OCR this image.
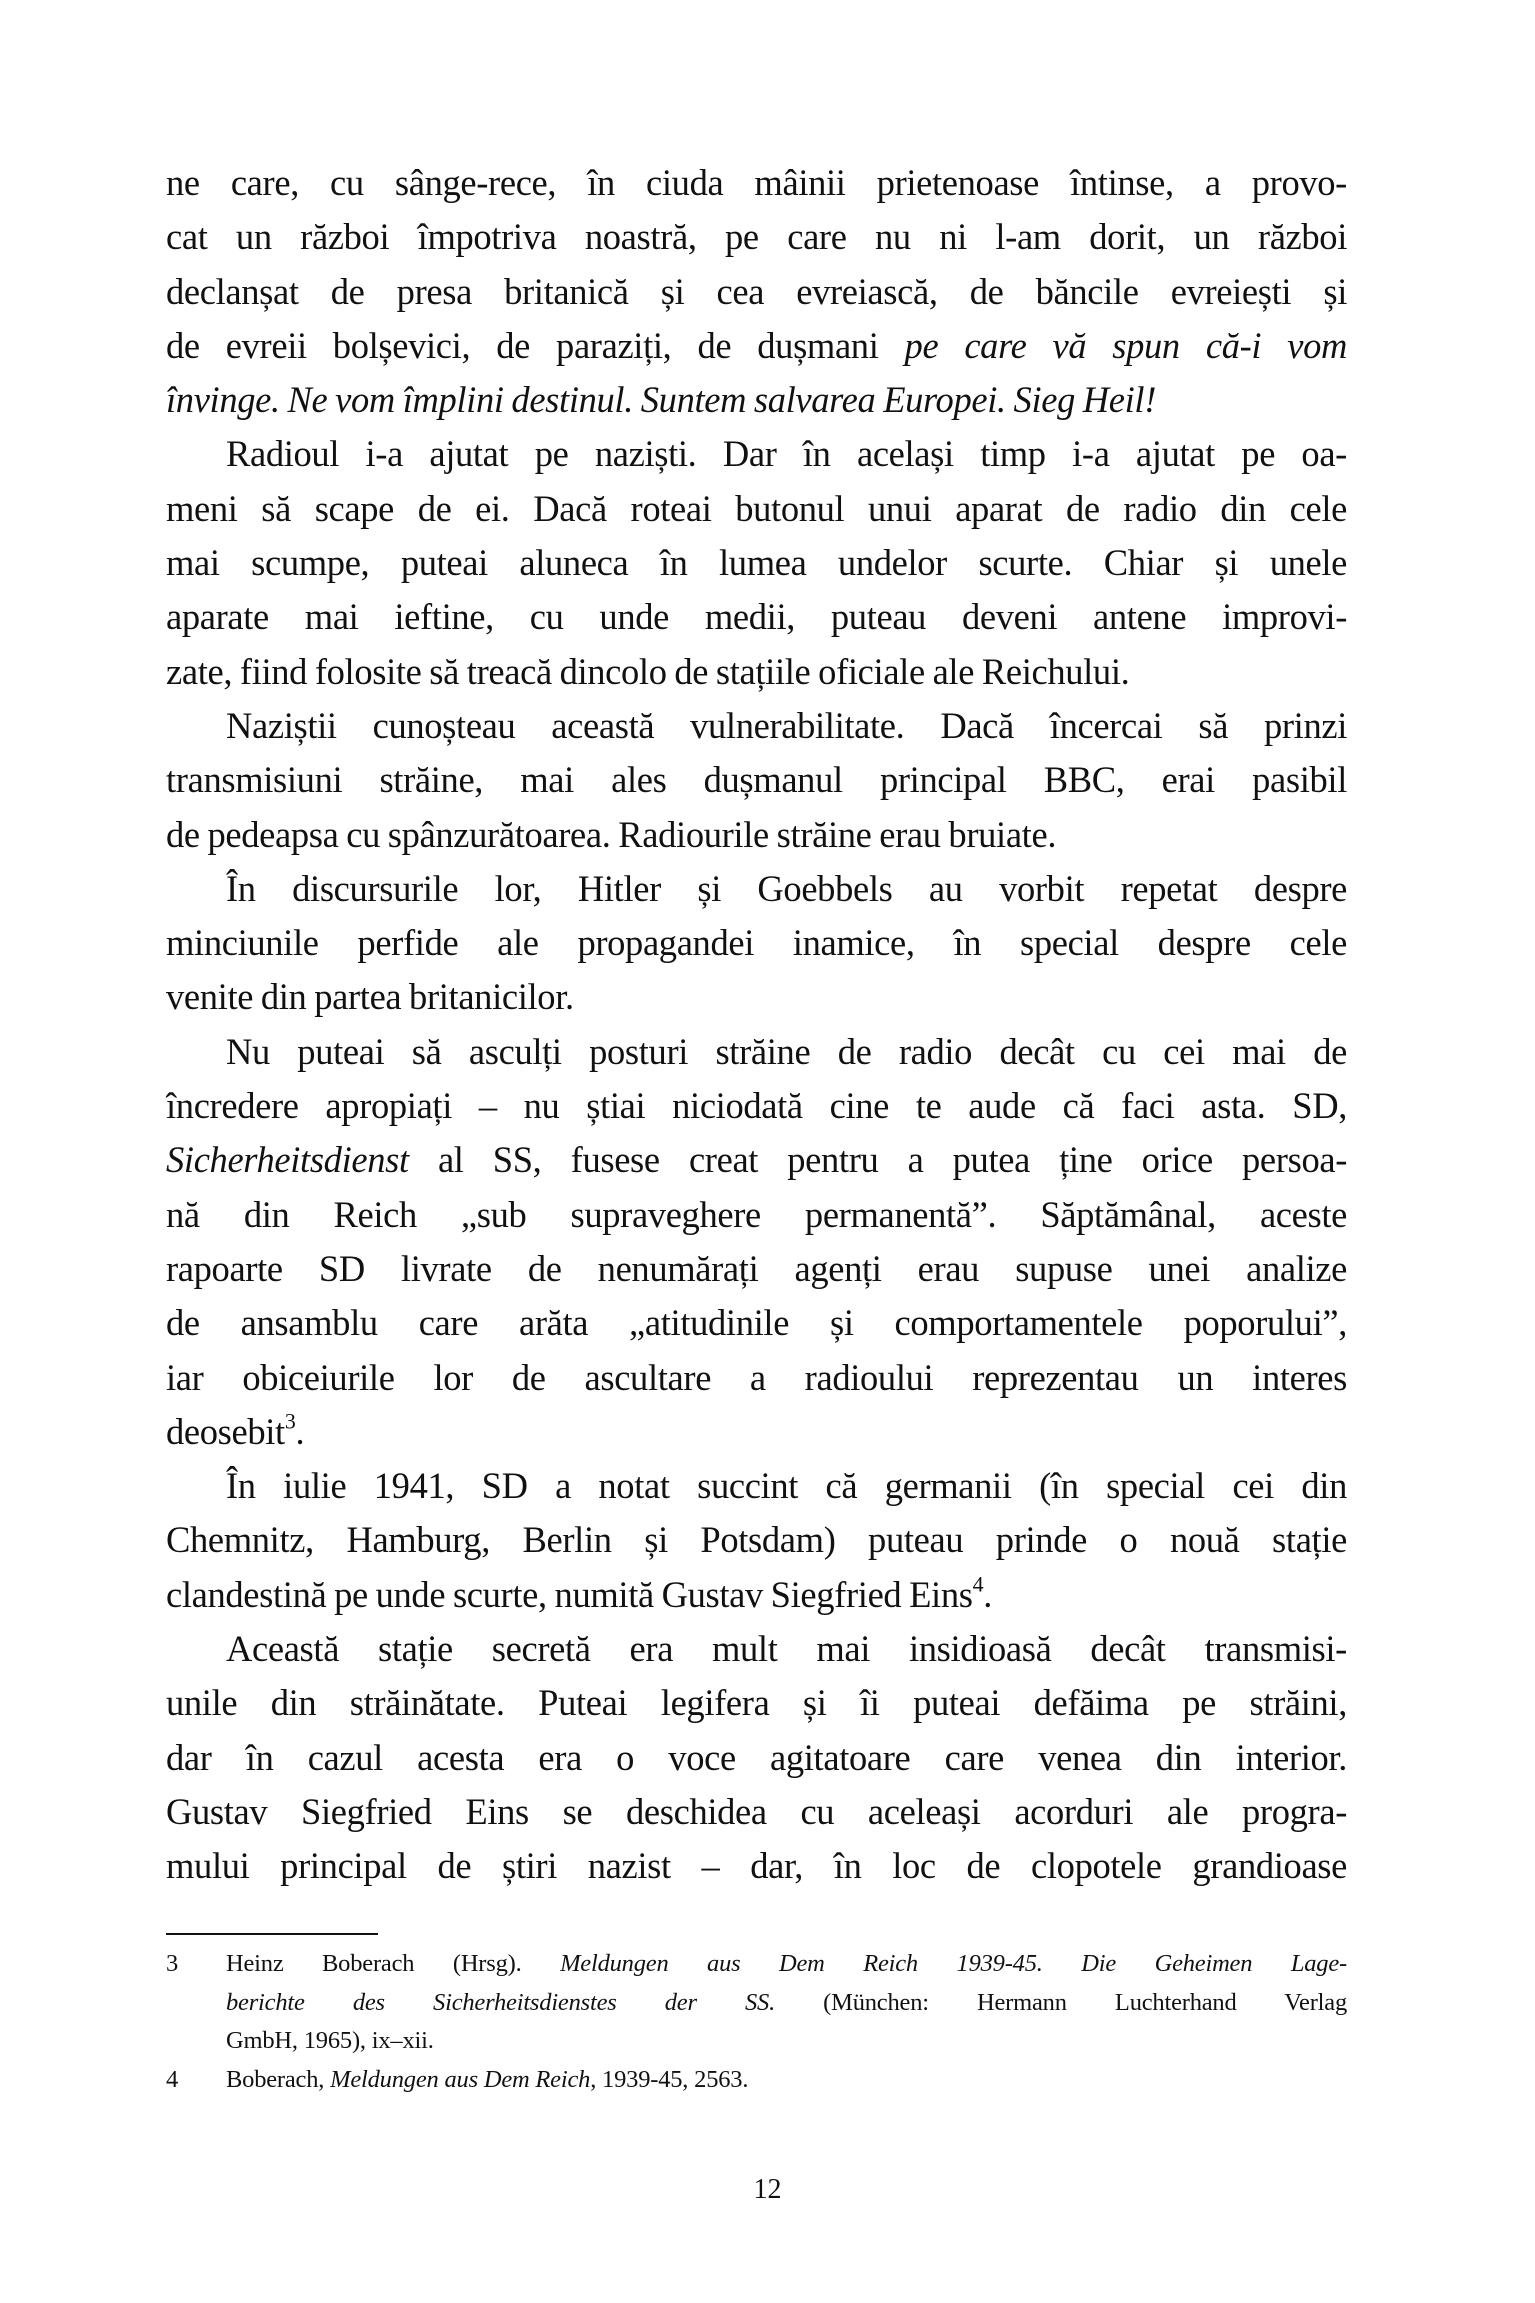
ne care, cu sânge-rece, în ciuda mâinii prietenoase întinse, a provo-
cat un război împotriva noastră, pe care nu ni l-am dorit, un război
declanșat de presa britanică și cea evreiască, de băncile evreiești și
de evreii bolșevici, de paraziți, de dușmani pe care vă spun că-i vom
învinge. Ne vom împlini destinul. Suntem salvarea Europei. Sieg Heil!
Radioul i-a ajutat pe naziști. Dar în același timp i-a ajutat pe oa-
meni să scape de ei. Dacă roteai butonul unui aparat de radio din cele
mai scumpe, puteai aluneca în lumea undelor scurte. Chiar și unele
aparate mai ieftine, cu unde medii, puteau deveni antene improvi-
zate, fiind folosite să treacă dincolo de stațiile oficiale ale Reichului.
Naziștii cunoșteau această vulnerabilitate. Dacă încercai să prinzi
transmisiuni străine, mai ales dușmanul principal BBC, erai pasibil
de pedeapsa cu spânzurătoarea. Radiourile străine erau bruiate.
În discursurile lor, Hitler și Goebbels au vorbit repetat despre
minciunile perfide ale propagandei inamice, în special despre cele
venite din partea britanicilor.
Nu puteai să asculți posturi străine de radio decât cu cei mai de
încredere apropiați – nu știai niciodată cine te aude că faci asta. SD,
Sicherheitsdienst al SS, fusese creat pentru a putea ține orice persoa-
nă din Reich „sub supraveghere permanentă”. Săptămânal, aceste
rapoarte SD livrate de nenumărați agenți erau supuse unei analize
de ansamblu care arăta „atitudinile și comportamentele poporului”,
iar obiceiurile lor de ascultare a radioului reprezentau un interes
deosebit$^3$.
În iulie 1941, SD a notat succint că germanii (în special cei din
Chemnitz, Hamburg, Berlin și Potsdam) puteau prinde o nouă stație
clandestină pe unde scurte, numită Gustav Siegfried Eins$^4$.
Această stație secretă era mult mai insidioasă decât transmisi-
unile din străinătate. Puteai legifera și îi puteai defăima pe străini,
dar în cazul acesta era o voce agitatoare care venea din interior.
Gustav Siegfried Eins se deschidea cu aceleași acorduri ale progra-
mului principal de știri nazist – dar, în loc de clopotele grandioase
3 Heinz Boberach (Hrsg). Meldungen aus Dem Reich 1939-45. Die Geheimen Lage-
berichte des Sicherheitsdienstes der SS. (München: Hermann Luchterhand Verlag
GmbH, 1965), ix–xii.
4 Boberach, Meldungen aus Dem Reich, 1939-45, 2563.
12
